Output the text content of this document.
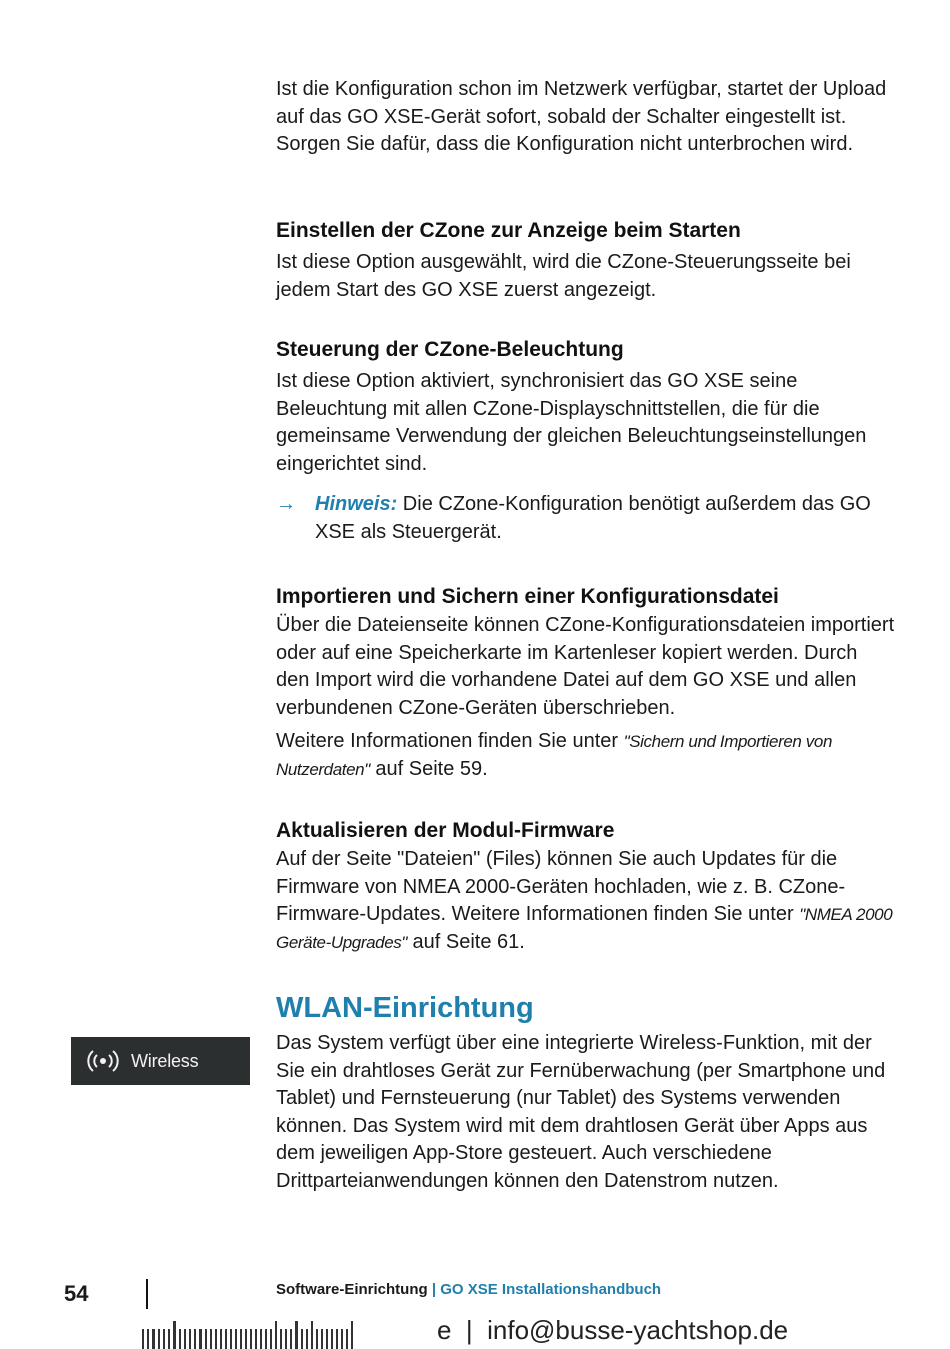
Ist die Konfiguration schon im Netzwerk verfügbar, startet der Upload auf das GO XSE-Gerät sofort, sobald der Schalter eingestellt ist. Sorgen Sie dafür, dass die Konfiguration nicht unterbrochen wird.

Einstellen der CZone zur Anzeige beim Starten

Ist diese Option ausgewählt, wird die CZone-Steuerungsseite bei jedem Start des GO XSE zuerst angezeigt.

Steuerung der CZone-Beleuchtung

Ist diese Option aktiviert, synchronisiert das GO XSE seine Beleuchtung mit allen CZone-Displayschnittstellen, die für die gemeinsame Verwendung der gleichen Beleuchtungseinstellungen eingerichtet sind.

→ Hinweis: Die CZone-Konfiguration benötigt außerdem das GO XSE als Steuergerät.

Importieren und Sichern einer Konfigurationsdatei

Über die Dateienseite können CZone-Konfigurationsdateien importiert oder auf eine Speicherkarte im Kartenleser kopiert werden. Durch den Import wird die vorhandene Datei auf dem GO XSE und allen verbundenen CZone-Geräten überschrieben.

Weitere Informationen finden Sie unter "Sichern und Importieren von Nutzerdaten" auf Seite 59.

Aktualisieren der Modul-Firmware

Auf der Seite "Dateien" (Files) können Sie auch Updates für die Firmware von NMEA 2000-Geräten hochladen, wie z. B. CZone-Firmware-Updates. Weitere Informationen finden Sie unter "NMEA 2000 Geräte-Upgrades" auf Seite 61.

WLAN-Einrichtung

Das System verfügt über eine integrierte Wireless-Funktion, mit der Sie ein drahtloses Gerät zur Fernüberwachung (per Smartphone und Tablet) und Fernsteuerung (nur Tablet) des Systems verwenden können. Das System wird mit dem drahtlosen Gerät über Apps aus dem jeweiligen App-Store gesteuert. Auch verschiedene Drittparteianwendungen können den Datenstrom nutzen.

Wireless
54	Software-Einrichtung | GO XSE Installationshandbuch
e  |  info@busse-yachtshop.de
